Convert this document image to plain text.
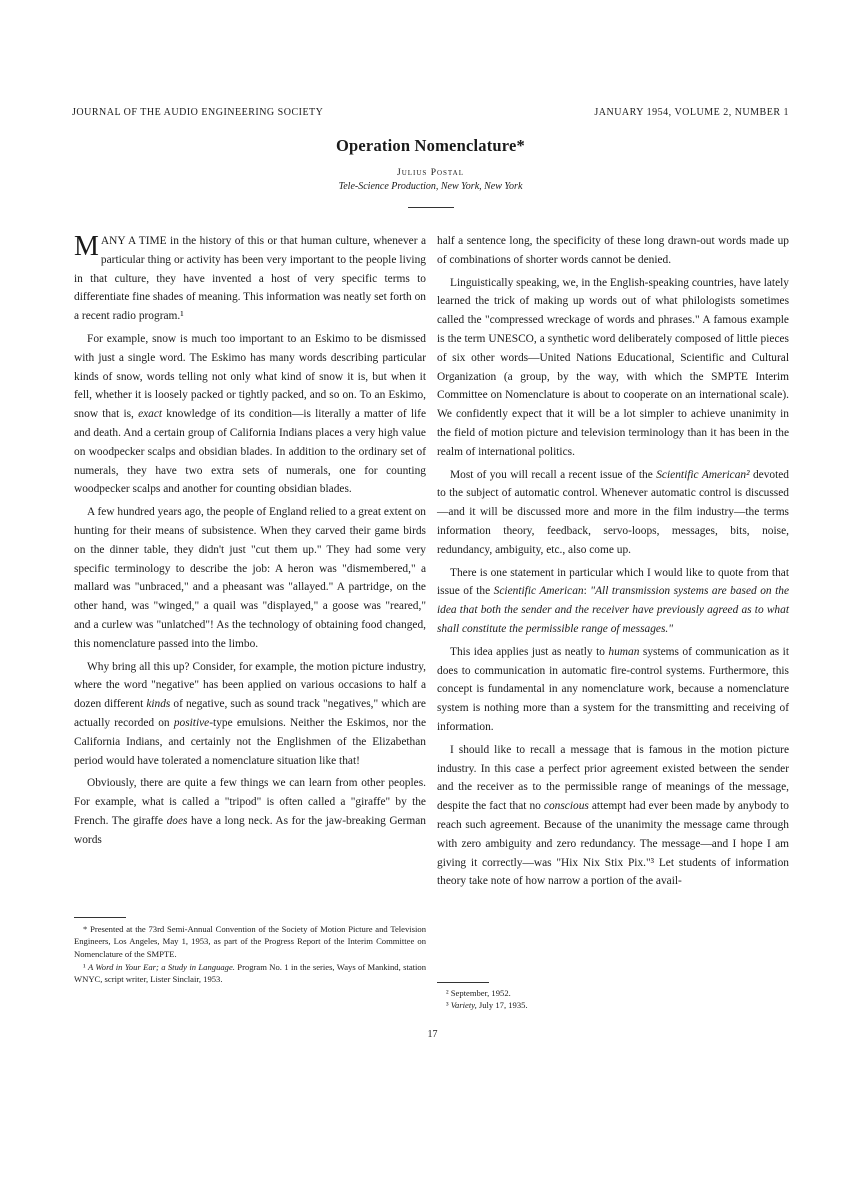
JOURNAL OF THE AUDIO ENGINEERING SOCIETY	JANUARY 1954, VOLUME 2, NUMBER 1
Operation Nomenclature*
Julius Postal
Tele-Science Production, New York, New York

MANY A TIME in the history of this or that human culture, whenever a particular thing or activity has been very important to the people living in that culture, they have invented a host of very specific terms to differentiate fine shades of meaning. This information was neatly set forth on a recent radio program.¹

For example, snow is much too important to an Eskimo to be dismissed with just a single word. The Eskimo has many words describing particular kinds of snow, words telling not only what kind of snow it is, but when it fell, whether it is loosely packed or tightly packed, and so on. To an Eskimo, snow that is, exact knowledge of its condition—is literally a matter of life and death. And a certain group of California Indians places a very high value on woodpecker scalps and obsidian blades. In addition to the ordinary set of numerals, they have two extra sets of numerals, one for counting woodpecker scalps and another for counting obsidian blades.

A few hundred years ago, the people of England relied to a great extent on hunting for their means of subsistence. When they carved their game birds on the dinner table, they didn't just "cut them up." They had some very specific terminology to describe the job: A heron was "dismembered," a mallard was "unbraced," and a pheasant was "allayed." A partridge, on the other hand, was "winged," a quail was "displayed," a goose was "reared," and a curlew was "unlatched"! As the technology of obtaining food changed, this nomenclature passed into the limbo.

Why bring all this up? Consider, for example, the motion picture industry, where the word "negative" has been applied on various occasions to half a dozen different kinds of negative, such as sound track "negatives," which are actually recorded on positive-type emulsions. Neither the Eskimos, nor the California Indians, and certainly not the Englishmen of the Elizabethan period would have tolerated a nomenclature situation like that!

Obviously, there are quite a few things we can learn from other peoples. For example, what is called a "tripod" is often called a "giraffe" by the French. The giraffe does have a long neck. As for the jaw-breaking German words

half a sentence long, the specificity of these long drawn-out words made up of combinations of shorter words cannot be denied.

Linguistically speaking, we, in the English-speaking countries, have lately learned the trick of making up words out of what philologists sometimes called the "compressed wreckage of words and phrases." A famous example is the term UNESCO, a synthetic word deliberately composed of little pieces of six other words—United Nations Educational, Scientific and Cultural Organization (a group, by the way, with which the SMPTE Interim Committee on Nomenclature is about to cooperate on an international scale). We confidently expect that it will be a lot simpler to achieve unanimity in the field of motion picture and television terminology than it has been in the realm of international politics.

Most of you will recall a recent issue of the Scientific American² devoted to the subject of automatic control. Whenever automatic control is discussed—and it will be discussed more and more in the film industry—the terms information theory, feedback, servo-loops, messages, bits, noise, redundancy, ambiguity, etc., also come up.

There is one statement in particular which I would like to quote from that issue of the Scientific American: "All transmission systems are based on the idea that both the sender and the receiver have previously agreed as to what shall constitute the permissible range of messages."

This idea applies just as neatly to human systems of communication as it does to communication in automatic fire-control systems. Furthermore, this concept is fundamental in any nomenclature work, because a nomenclature system is nothing more than a system for the transmitting and receiving of information.

I should like to recall a message that is famous in the motion picture industry. In this case a perfect prior agreement existed between the sender and the receiver as to the permissible range of meanings of the message, despite the fact that no conscious attempt had ever been made by anybody to reach such agreement. Because of the unanimity the message came through with zero ambiguity and zero redundancy. The message—and I hope I am giving it correctly—was "Hix Nix Stix Pix."³ Let students of information theory take note of how narrow a portion of the avail-

* Presented at the 73rd Semi-Annual Convention of the Society of Motion Picture and Television Engineers, Los Angeles, May 1, 1953, as part of the Progress Report of the Interim Committee on Nomenclature of the SMPTE.

¹ A Word in Your Ear; a Study in Language. Program No. 1 in the series, Ways of Mankind, station WNYC, script writer, Lister Sinclair, 1953.

² September, 1952.

³ Variety, July 17, 1935.

17
